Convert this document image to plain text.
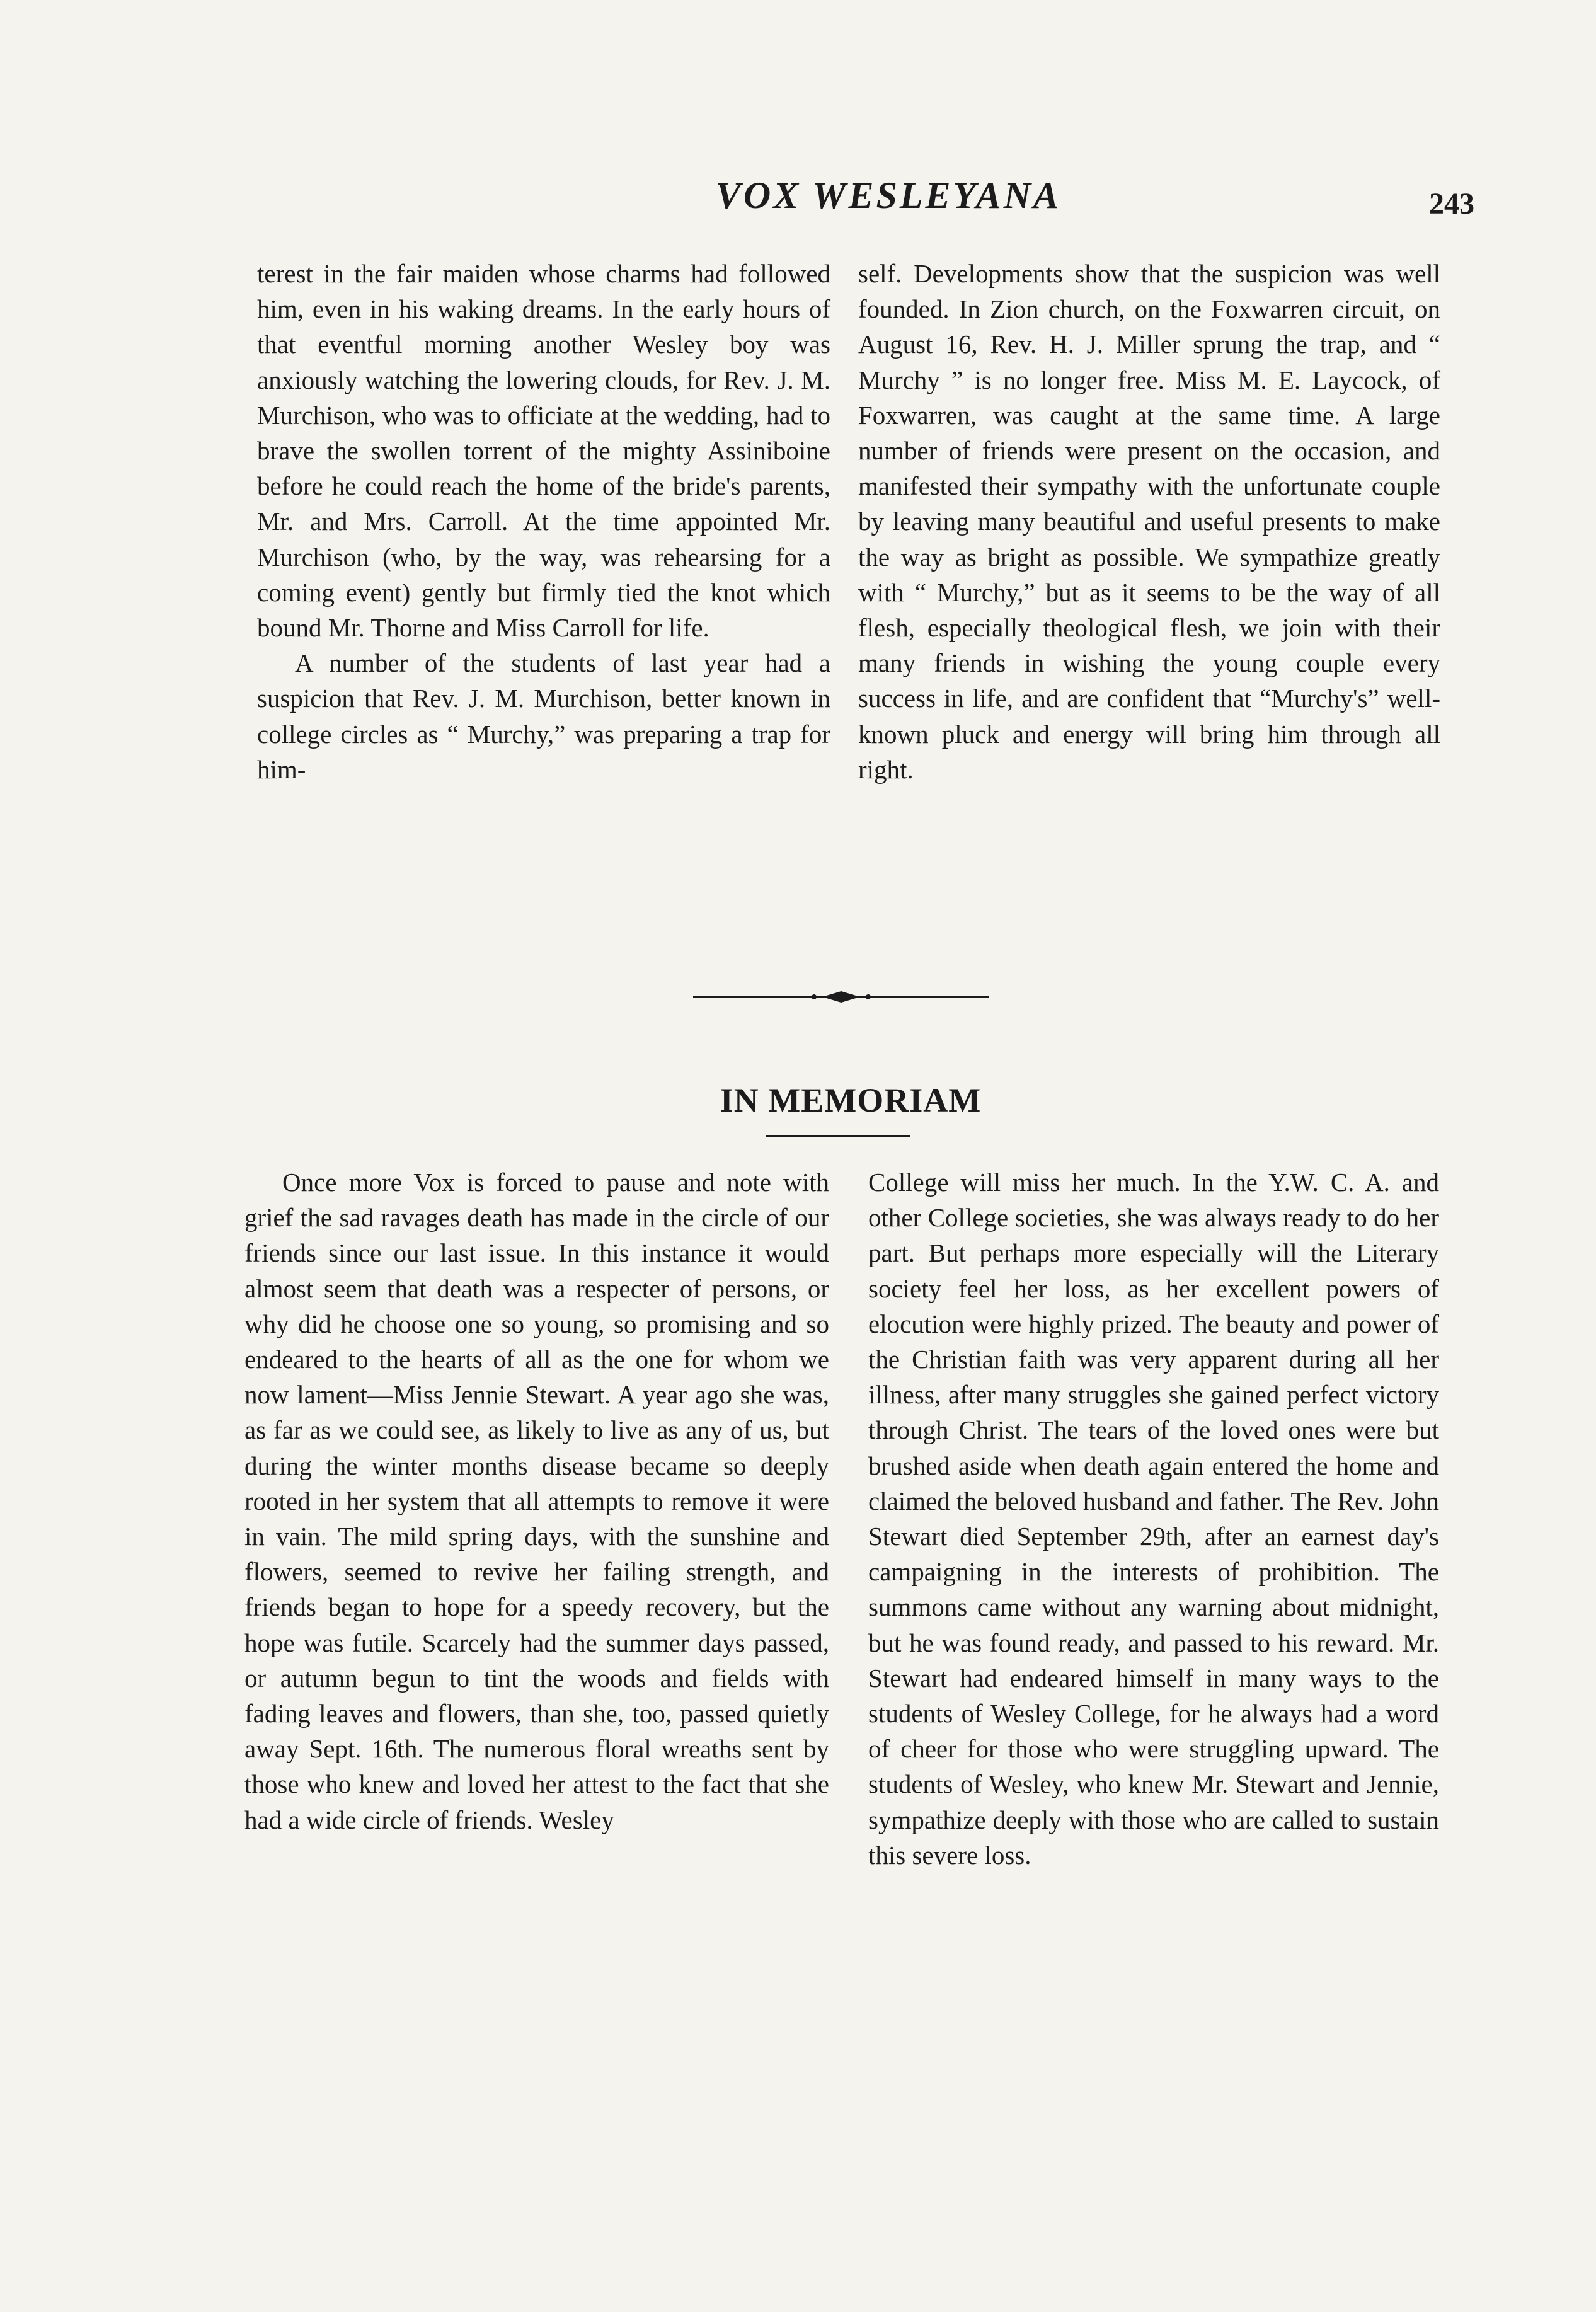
VOX WESLEYANA	243

terest in the fair maiden whose charms had followed him, even in his waking dreams. In the early hours of that eventful morning another Wesley boy was anxiously watching the lowering clouds, for Rev. J. M. Murchison, who was to officiate at the wedding, had to brave the swollen torrent of the mighty Assiniboine before he could reach the home of the bride's parents, Mr. and Mrs. Carroll. At the time appointed Mr. Murchison (who, by the way, was rehearsing for a coming event) gently but firmly tied the knot which bound Mr. Thorne and Miss Carroll for life.

A number of the students of last year had a suspicion that Rev. J. M. Murchison, better known in college circles as “ Murchy,” was preparing a trap for him-

self. Developments show that the suspicion was well founded. In Zion church, on the Foxwarren circuit, on August 16, Rev. H. J. Miller sprung the trap, and “ Murchy ” is no longer free. Miss M. E. Laycock, of Foxwarren, was caught at the same time. A large number of friends were present on the occasion, and manifested their sympathy with the unfortunate couple by leaving many beautiful and useful presents to make the way as bright as possible. We sympathize greatly with “ Murchy,” but as it seems to be the way of all flesh, especially theological flesh, we join with their many friends in wishing the young couple every success in life, and are confident that “Murchy's” well-known pluck and energy will bring him through all right.

IN MEMORIAM

Once more Vox is forced to pause and note with grief the sad ravages death has made in the circle of our friends since our last issue. In this instance it would almost seem that death was a respecter of persons, or why did he choose one so young, so promising and so endeared to the hearts of all as the one for whom we now lament—Miss Jennie Stewart. A year ago she was, as far as we could see, as likely to live as any of us, but during the winter months disease became so deeply rooted in her system that all attempts to remove it were in vain. The mild spring days, with the sunshine and flowers, seemed to revive her failing strength, and friends began to hope for a speedy recovery, but the hope was futile. Scarcely had the summer days passed, or autumn begun to tint the woods and fields with fading leaves and flowers, than she, too, passed quietly away Sept. 16th. The numerous floral wreaths sent by those who knew and loved her attest to the fact that she had a wide circle of friends. Wesley

College will miss her much. In the Y.W. C. A. and other College societies, she was always ready to do her part. But perhaps more especially will the Literary society feel her loss, as her excellent powers of elocution were highly prized. The beauty and power of the Christian faith was very apparent during all her illness, after many struggles she gained perfect victory through Christ. The tears of the loved ones were but brushed aside when death again entered the home and claimed the beloved husband and father. The Rev. John Stewart died September 29th, after an earnest day's campaigning in the interests of prohibition. The summons came without any warning about midnight, but he was found ready, and passed to his reward. Mr. Stewart had endeared himself in many ways to the students of Wesley College, for he always had a word of cheer for those who were struggling upward. The students of Wesley, who knew Mr. Stewart and Jennie, sympathize deeply with those who are called to sustain this severe loss.
